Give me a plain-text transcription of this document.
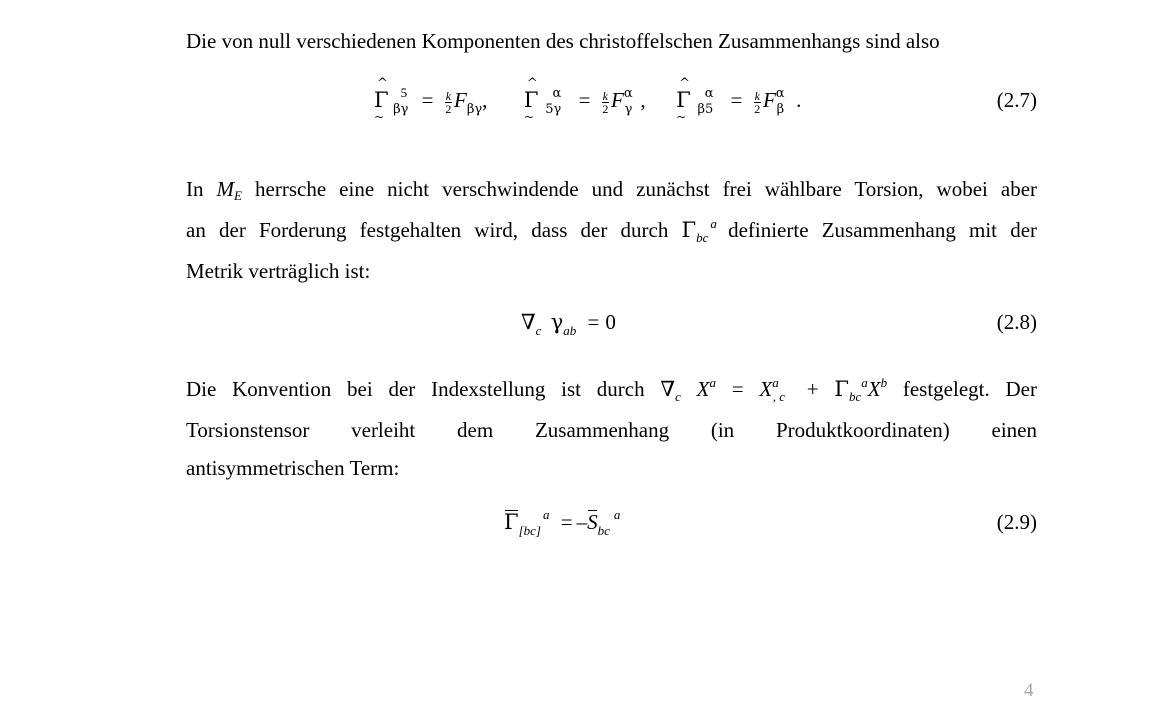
Die von null verschiedenen Komponenten des christoffelschen Zusammenhangs sind also
^ Γ ~ $5\beta\gamma = \frac{k}{2} F\beta\gamma$, ^ Γ ~ $\alpha 5\gamma = \frac{k}{2}$ Fαγ , ^ Γ ~ $\alpha\beta 5 = \frac{k}{2}$ Fαβ .	(2.7)
In ME herrsche eine nicht verschwindende und zunächst frei wählbare Torsion, wobei aber
an der Forderung festgehalten wird, dass der durch Γbca definierte Zusammenhang mit der
Metrik verträglich ist:
∇c γab = 0	(2.8)
Die Konvention bei der Indexstellung ist durch ∇c Xa = Xa, c + ΓbcaXb festgelegt. Der
Torsionstensor verleiht dem Zusammenhang (in Produktkoordinaten) einen
antisymmetrischen Term:
Γ[bc]a = –Sbca	(2.9)
4
